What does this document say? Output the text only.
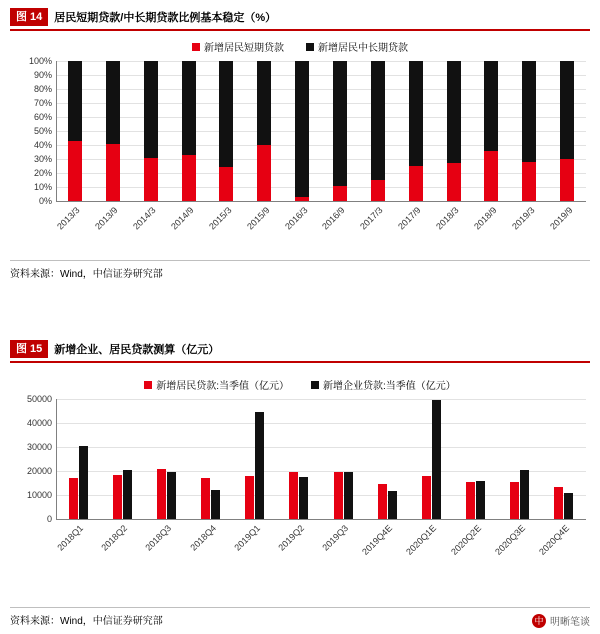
图 14	居民短期贷款/中长期贷款比例基本稳定（%）
新增居民短期贷款	新增居民中长期贷款
0%
10%
20%
30%
40%
50%
60%
70%
80%
90%
100%
2013/3 2013/9 2014/3 2014/9 2015/3 2015/9 2016/3 2016/9 2017/3 2017/9 2018/3 2018/9 2019/3 2019/9
资料来源：Wind，中信证券研究部
图 15	新增企业、居民贷款测算（亿元）
新增居民贷款:当季值（亿元）	新增企业贷款:当季值（亿元）
0
10000
20000
30000
40000
50000
2018Q1 2018Q2 2018Q3 2018Q4 2019Q1 2019Q2 2019Q3 2019Q4E 2020Q1E 2020Q2E 2020Q3E 2020Q4E
资料来源：Wind，中信证券研究部	中 明晰笔谈
